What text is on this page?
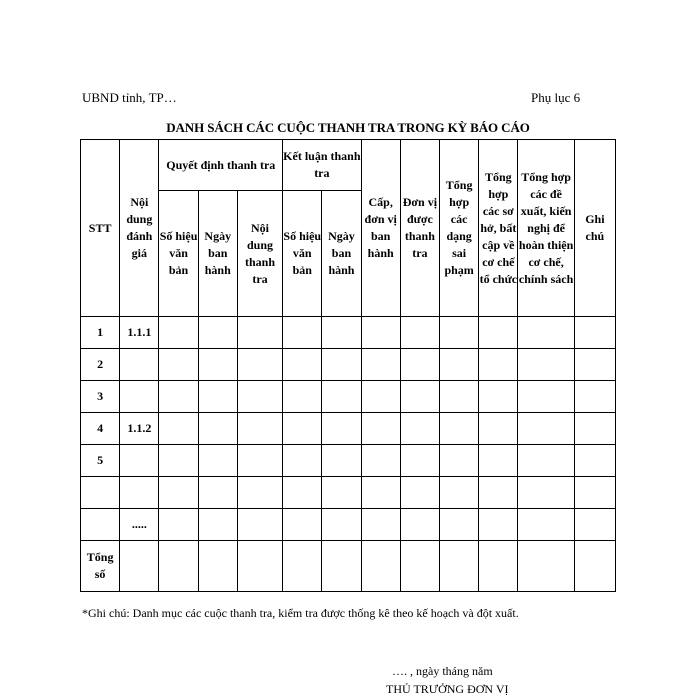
UBND tỉnh, TP…	Phụ lục 6
DANH SÁCH CÁC CUỘC THANH TRA TRONG KỲ BÁO CÁO
STT	Nội dung đánh giá	Quyết định thanh tra			Kết luận thanh tra		Cấp, đơn vị ban hành	Đơn vị được thanh tra	Tổng hợp các dạng sai phạm	Tổng hợp các sơ hở, bất cập về cơ chế tổ chức	Tổng hợp các đề xuất, kiến nghị để hoàn thiện cơ chế, chính sách	Ghi chú
		Số hiệu văn bản	Ngày ban hành	Nội dung thanh tra	Số hiệu văn bản	Ngày ban hành						
1	1.1.1											
2												
3												
4	1.1.2											
5												

	.....											
Tổng số												
*Ghi chú: Danh mục các cuộc thanh tra, kiểm tra được thống kê theo kế hoạch và đột xuất.
…. , ngày tháng năm
THỦ TRƯỞNG ĐƠN VỊ
